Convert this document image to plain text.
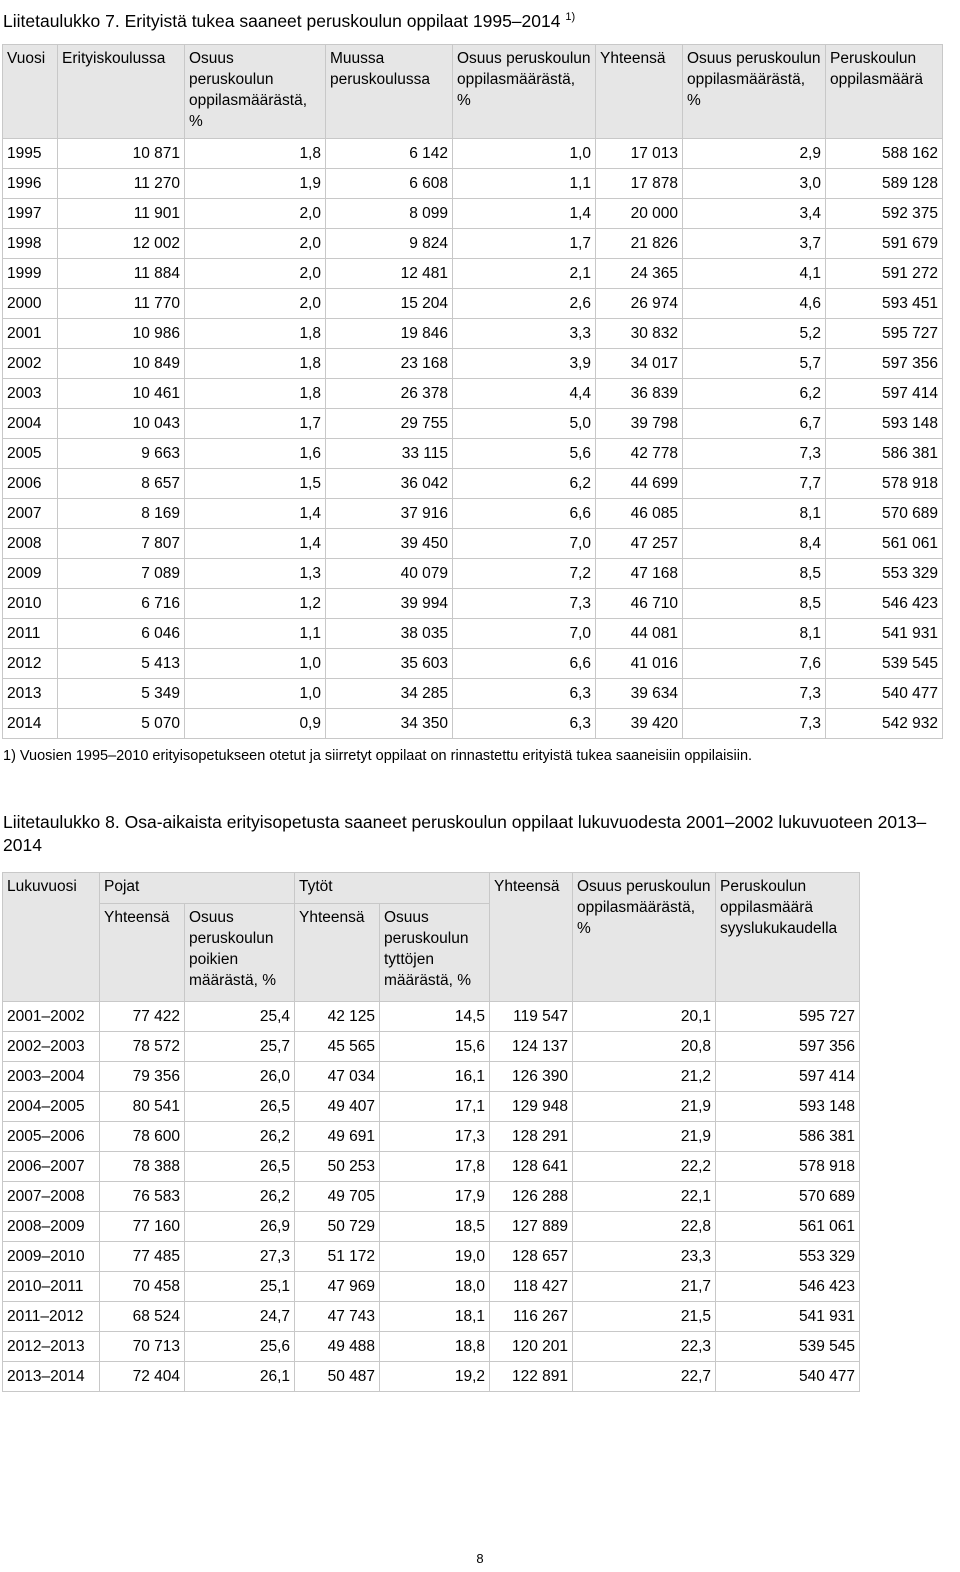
Liitetaulukko 7. Erityistä tukea saaneet peruskoulun oppilaat 1995–2014 $^{1)}$
Vuosi	Erityiskoulussa	Osuus peruskoulun oppilasmäärästä, %	Muussa peruskoulussa	Osuus peruskoulun oppilasmäärästä, %	Yhteensä	Osuus peruskoulun oppilasmäärästä, %	Peruskoulun oppilasmäärä
1995	10 871	1,8	6 142	1,0	17 013	2,9	588 162
1996	11 270	1,9	6 608	1,1	17 878	3,0	589 128
1997	11 901	2,0	8 099	1,4	20 000	3,4	592 375
1998	12 002	2,0	9 824	1,7	21 826	3,7	591 679
1999	11 884	2,0	12 481	2,1	24 365	4,1	591 272
2000	11 770	2,0	15 204	2,6	26 974	4,6	593 451
2001	10 986	1,8	19 846	3,3	30 832	5,2	595 727
2002	10 849	1,8	23 168	3,9	34 017	5,7	597 356
2003	10 461	1,8	26 378	4,4	36 839	6,2	597 414
2004	10 043	1,7	29 755	5,0	39 798	6,7	593 148
2005	9 663	1,6	33 115	5,6	42 778	7,3	586 381
2006	8 657	1,5	36 042	6,2	44 699	7,7	578 918
2007	8 169	1,4	37 916	6,6	46 085	8,1	570 689
2008	7 807	1,4	39 450	7,0	47 257	8,4	561 061
2009	7 089	1,3	40 079	7,2	47 168	8,5	553 329
2010	6 716	1,2	39 994	7,3	46 710	8,5	546 423
2011	6 046	1,1	38 035	7,0	44 081	8,1	541 931
2012	5 413	1,0	35 603	6,6	41 016	7,6	539 545
2013	5 349	1,0	34 285	6,3	39 634	7,3	540 477
2014	5 070	0,9	34 350	6,3	39 420	7,3	542 932
1) Vuosien 1995–2010 erityisopetukseen otetut ja siirretyt oppilaat on rinnastettu erityistä tukea saaneisiin oppilaisiin.
Liitetaulukko 8. Osa-aikaista erityisopetusta saaneet peruskoulun oppilaat lukuvuodesta 2001–2002 lukuvuoteen 2013–2014
Lukuvuosi	Pojat		Tytöt		Yhteensä	Osuus peruskoulun oppilasmäärästä, %	Peruskoulun oppilasmäärä syyslukukaudella
	Yhteensä	Osuus peruskoulun poikien määrästä, %	Yhteensä	Osuus peruskoulun tyttöjen määrästä, %			
2001–2002	77 422	25,4	42 125	14,5	119 547	20,1	595 727
2002–2003	78 572	25,7	45 565	15,6	124 137	20,8	597 356
2003–2004	79 356	26,0	47 034	16,1	126 390	21,2	597 414
2004–2005	80 541	26,5	49 407	17,1	129 948	21,9	593 148
2005–2006	78 600	26,2	49 691	17,3	128 291	21,9	586 381
2006–2007	78 388	26,5	50 253	17,8	128 641	22,2	578 918
2007–2008	76 583	26,2	49 705	17,9	126 288	22,1	570 689
2008–2009	77 160	26,9	50 729	18,5	127 889	22,8	561 061
2009–2010	77 485	27,3	51 172	19,0	128 657	23,3	553 329
2010–2011	70 458	25,1	47 969	18,0	118 427	21,7	546 423
2011–2012	68 524	24,7	47 743	18,1	116 267	21,5	541 931
2012–2013	70 713	25,6	49 488	18,8	120 201	22,3	539 545
2013–2014	72 404	26,1	50 487	19,2	122 891	22,7	540 477
8
